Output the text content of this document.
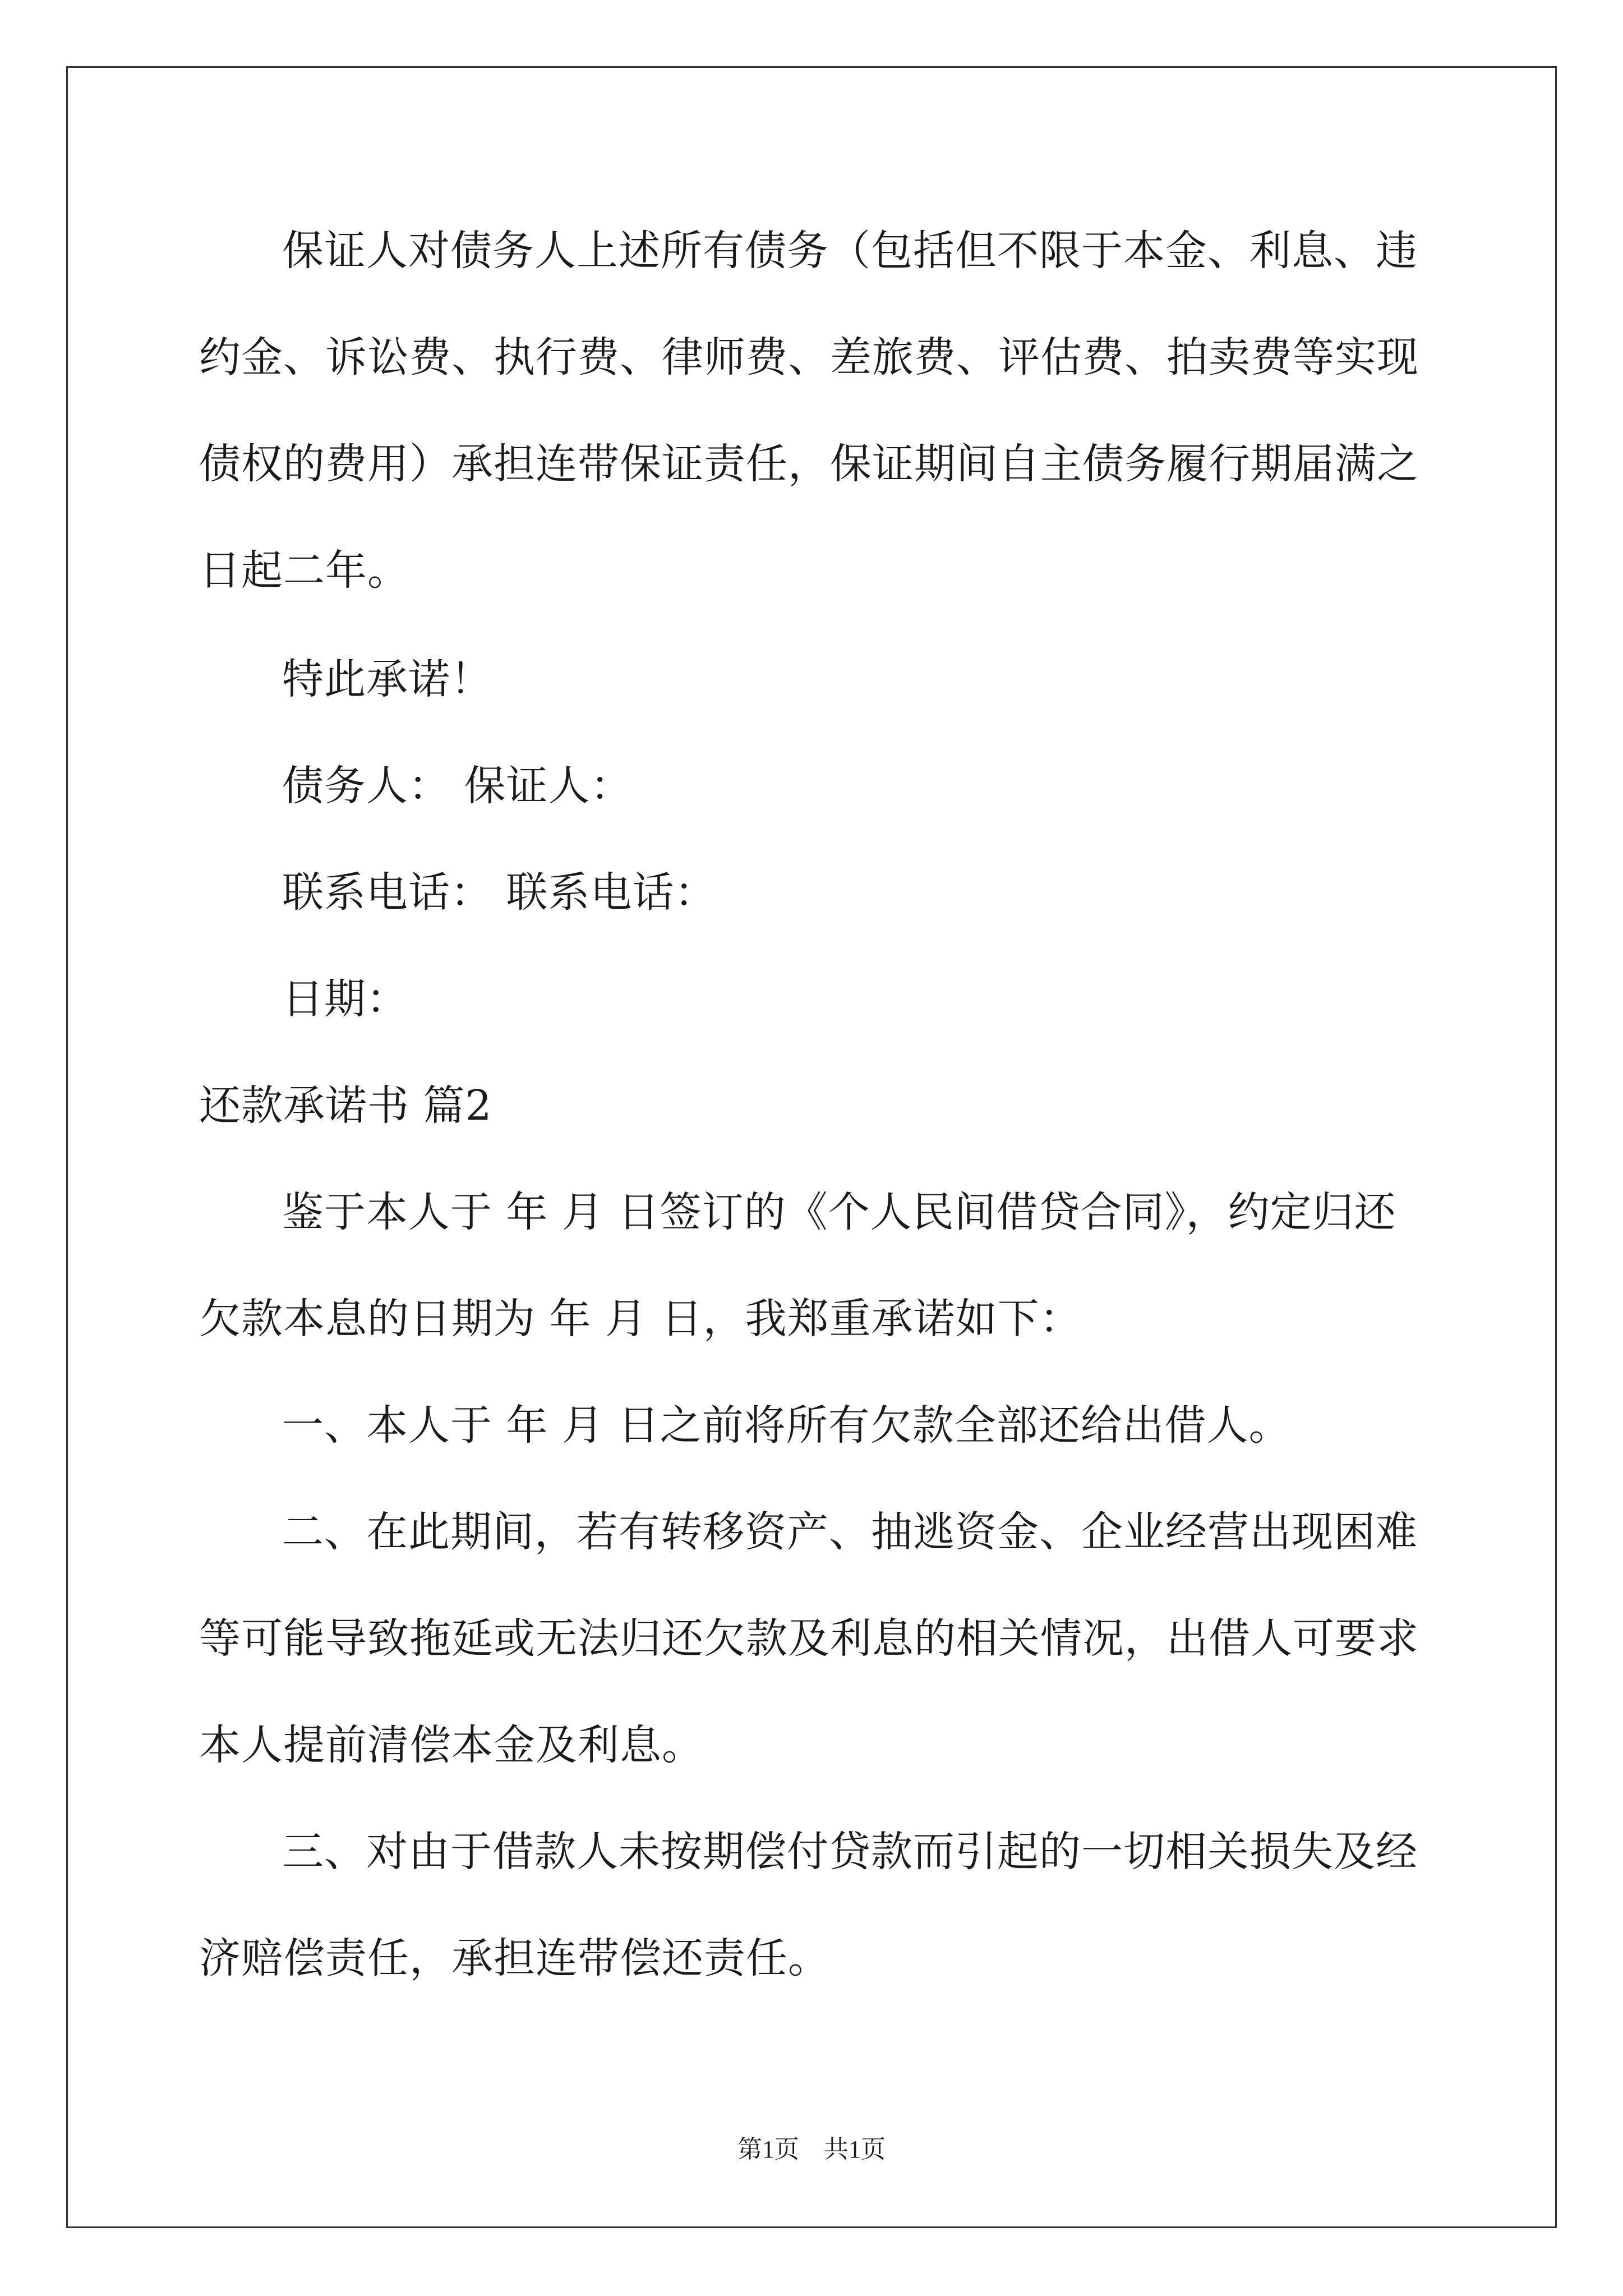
保证人对债务人上述所有债务（包括但不限于本金、利息、违约金、诉讼费、执行费、律师费、差旅费、评估费、拍卖费等实现债权的费用）承担连带保证责任，保证期间自主债务履行期届满之日起二年。

特此承诺！

债务人： 保证人：

联系电话： 联系电话：

日期：

还款承诺书 篇2

鉴于本人于 年 月 日签订的《个人民间借贷合同》，约定归还欠款本息的日期为 年 月 日，我郑重承诺如下：

一、本人于 年 月 日之前将所有欠款全部还给出借人。

二、在此期间，若有转移资产、抽逃资金、企业经营出现困难等可能导致拖延或无法归还欠款及利息的相关情况，出借人可要求本人提前清偿本金及利息。

三、对由于借款人未按期偿付贷款而引起的一切相关损失及经济赔偿责任，承担连带偿还责任。

第1页　共1页
